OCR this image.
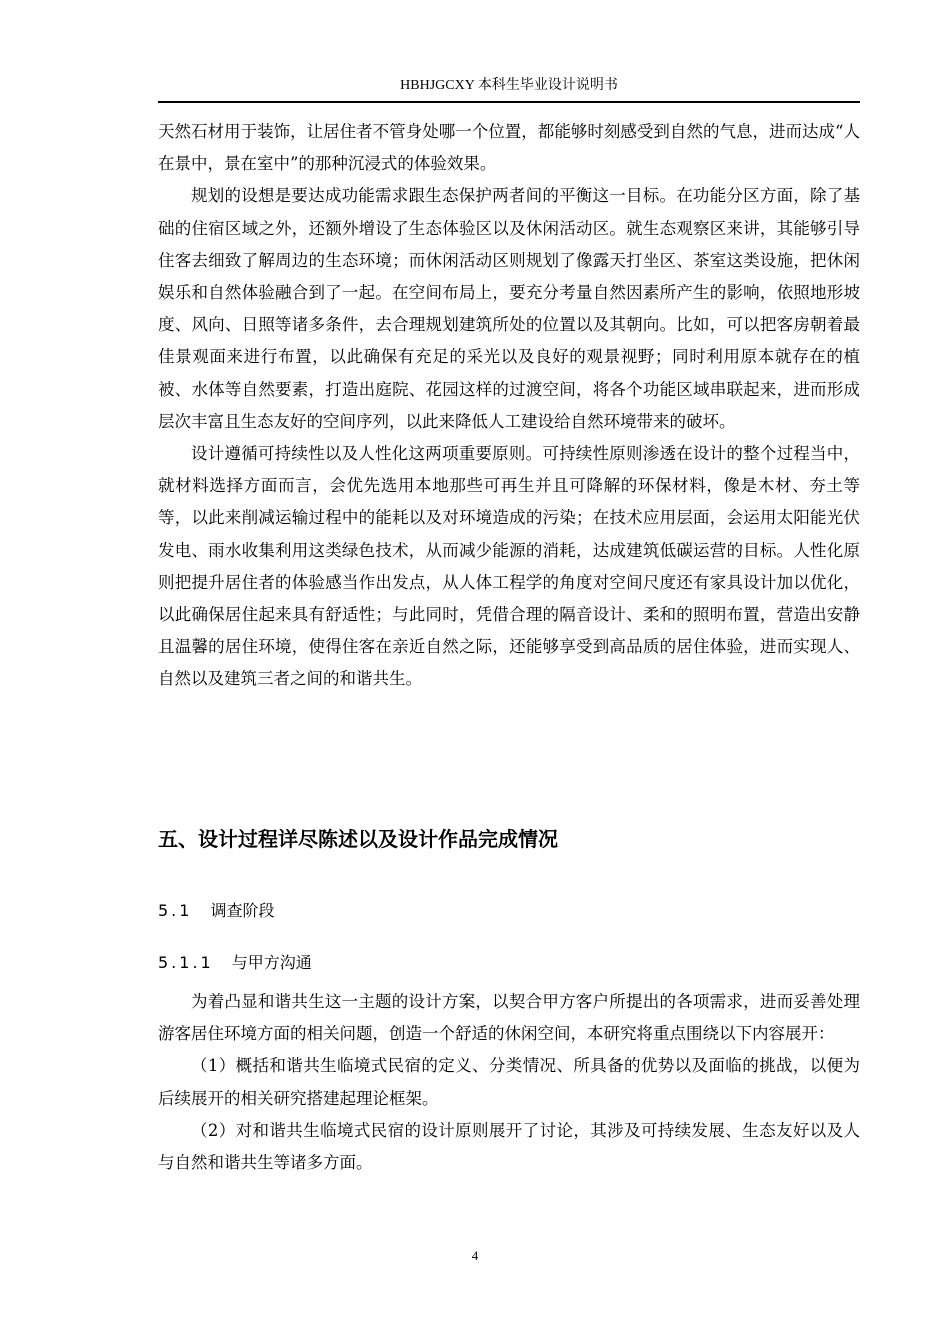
HBHJGCXY 本科生毕业设计说明书

天然石材用于装饰，让居住者不管身处哪一个位置，都能够时刻感受到自然的气息，进而达成“人在景中，景在室中”的那种沉浸式的体验效果。

规划的设想是要达成功能需求跟生态保护两者间的平衡这一目标。在功能分区方面，除了基础的住宿区域之外，还额外增设了生态体验区以及休闲活动区。就生态观察区来讲，其能够引导住客去细致了解周边的生态环境；而休闲活动区则规划了像露天打坐区、茶室这类设施，把休闲娱乐和自然体验融合到了一起。在空间布局上，要充分考量自然因素所产生的影响，依照地形坡度、风向、日照等诸多条件，去合理规划建筑所处的位置以及其朝向。比如，可以把客房朝着最佳景观面来进行布置，以此确保有充足的采光以及良好的观景视野；同时利用原本就存在的植被、水体等自然要素，打造出庭院、花园这样的过渡空间，将各个功能区域串联起来，进而形成层次丰富且生态友好的空间序列，以此来降低人工建设给自然环境带来的破坏。

设计遵循可持续性以及人性化这两项重要原则。可持续性原则渗透在设计的整个过程当中，就材料选择方面而言，会优先选用本地那些可再生并且可降解的环保材料，像是木材、夯土等等，以此来削减运输过程中的能耗以及对环境造成的污染；在技术应用层面，会运用太阳能光伏发电、雨水收集利用这类绿色技术，从而减少能源的消耗，达成建筑低碳运营的目标。人性化原则把提升居住者的体验感当作出发点，从人体工程学的角度对空间尺度还有家具设计加以优化，以此确保居住起来具有舒适性；与此同时，凭借合理的隔音设计、柔和的照明布置，营造出安静且温馨的居住环境，使得住客在亲近自然之际，还能够享受到高品质的居住体验，进而实现人、自然以及建筑三者之间的和谐共生。

五、设计过程详尽陈述以及设计作品完成情况
5.1 调查阶段
5.1.1 与甲方沟通

为着凸显和谐共生这一主题的设计方案，以契合甲方客户所提出的各项需求，进而妥善处理游客居住环境方面的相关问题，创造一个舒适的休闲空间，本研究将重点围绕以下内容展开：

（1）概括和谐共生临境式民宿的定义、分类情况、所具备的优势以及面临的挑战，以便为后续展开的相关研究搭建起理论框架。

（2）对和谐共生临境式民宿的设计原则展开了讨论，其涉及可持续发展、生态友好以及人与自然和谐共生等诸多方面。

4
